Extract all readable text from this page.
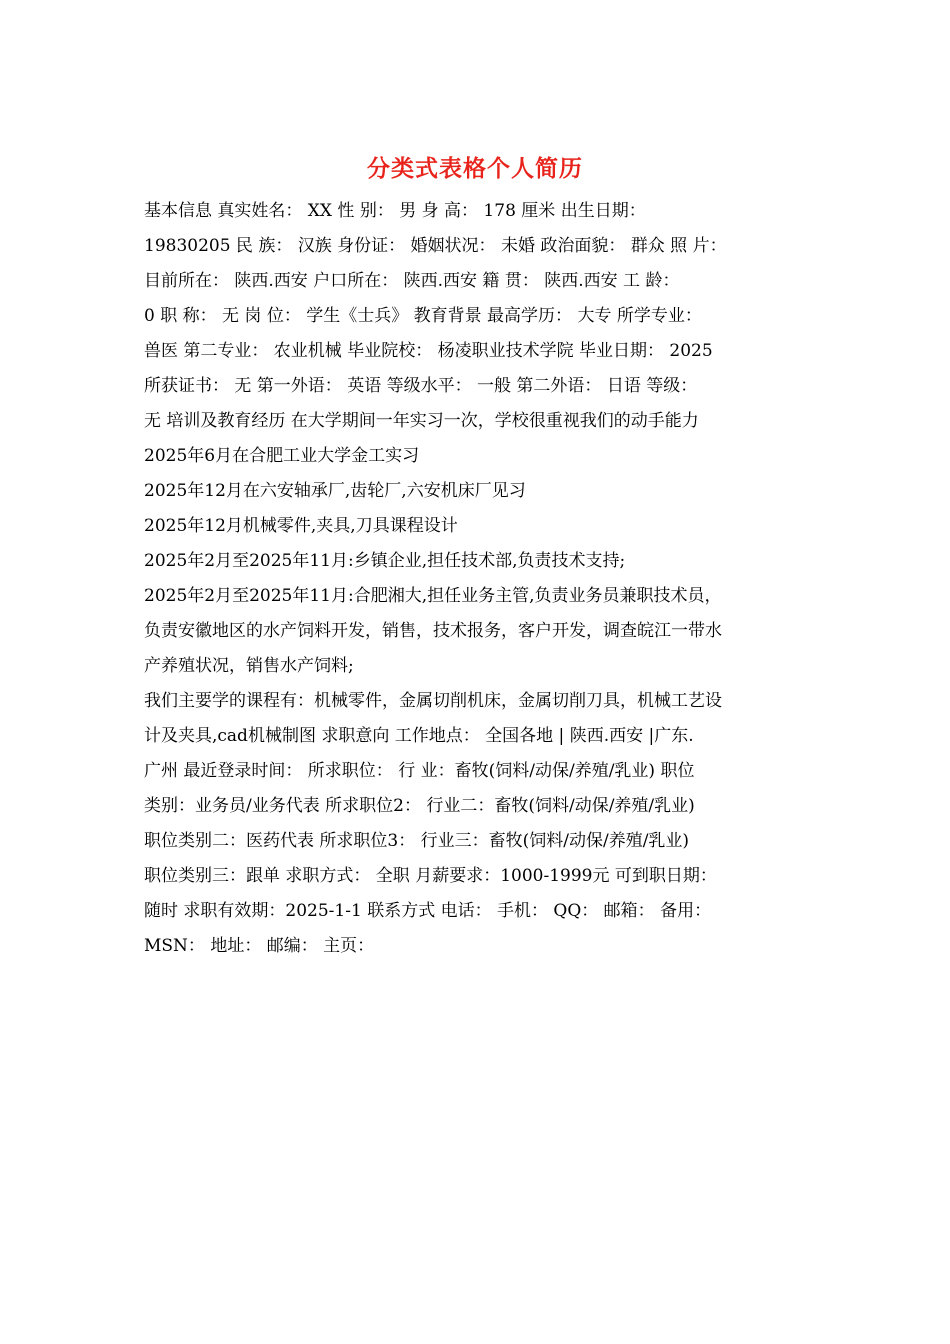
分类式表格个人简历
基本信息 真实姓名： XX 性 别： 男 身 高： 178 厘米 出生日期：
19830205 民 族： 汉族 身份证： 婚姻状况： 未婚 政治面貌： 群众 照 片：
目前所在： 陕西.西安 户口所在： 陕西.西安 籍 贯： 陕西.西安 工 龄：
0 职 称： 无 岗 位： 学生《士兵》 教育背景 最高学历： 大专 所学专业：
兽医 第二专业： 农业机械 毕业院校： 杨凌职业技术学院 毕业日期： 2025
所获证书： 无 第一外语： 英语 等级水平： 一般 第二外语： 日语 等级：
无 培训及教育经历 在大学期间一年实习一次，学校很重视我们的动手能力
2025年6月在合肥工业大学金工实习
2025年12月在六安轴承厂,齿轮厂,六安机床厂见习
2025年12月机械零件,夹具,刀具课程设计
2025年2月至2025年11月:乡镇企业,担任技术部,负责技术支持;
2025年2月至2025年11月:合肥湘大,担任业务主管,负责业务员兼职技术员，
负责安徽地区的水产饲料开发，销售，技术报务，客户开发，调查皖江一带水
产养殖状况，销售水产饲料;
我们主要学的课程有：机械零件，金属切削机床，金属切削刀具，机械工艺设
计及夹具,cad机械制图 求职意向 工作地点： 全国各地 | 陕西.西安 |广东.
广州 最近登录时间： 所求职位： 行 业：畜牧(饲料/动保/养殖/乳业) 职位
类别：业务员/业务代表 所求职位2： 行业二：畜牧(饲料/动保/养殖/乳业)
职位类别二：医药代表 所求职位3： 行业三：畜牧(饲料/动保/养殖/乳业)
职位类别三：跟单 求职方式： 全职 月薪要求：1000-1999元 可到职日期：
随时 求职有效期：2025-1-1 联系方式 电话： 手机： QQ： 邮箱： 备用：
MSN： 地址： 邮编： 主页：
